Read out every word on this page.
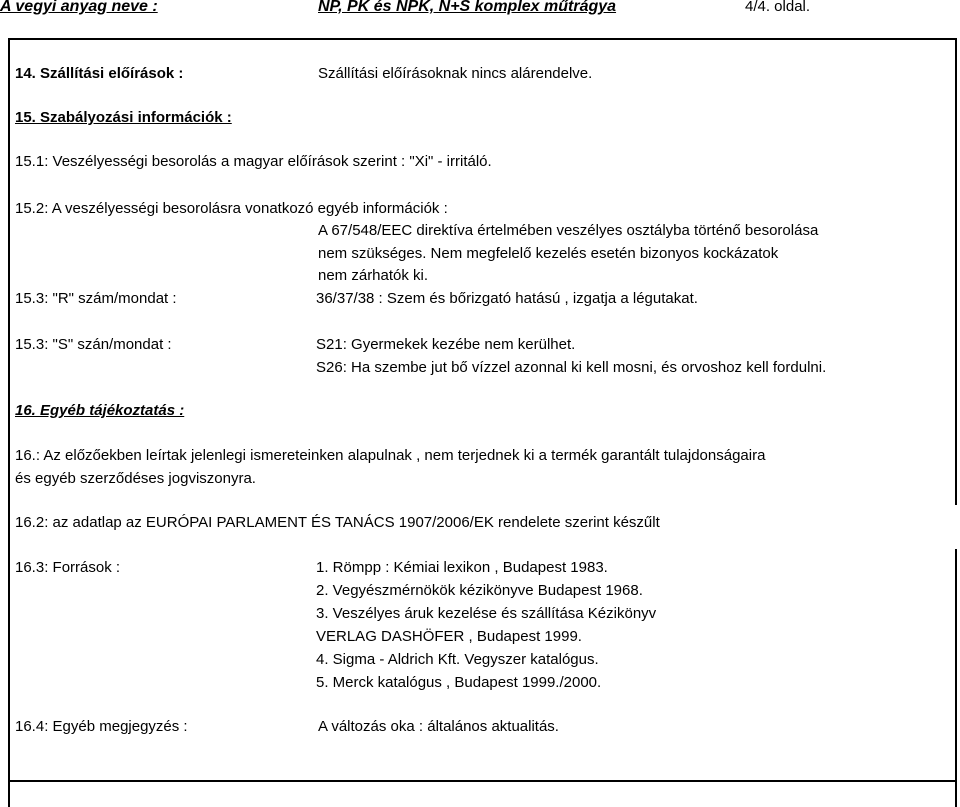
A vegyi anyag neve :	NP, PK és NPK, N+S komplex műtrágya	4/4. oldal.
14. Szállítási előírások :	Szállítási előírásoknak nincs alárendelve.
15. Szabályozási információk :
15.1: Veszélyességi besorolás a magyar előírások szerint : "Xi" - irritáló.
15.2: A veszélyességi besorolásra vonatkozó egyéb információk :
A 67/548/EEC direktíva értelmében veszélyes osztályba történő besorolása
nem szükséges. Nem megfelelő kezelés esetén bizonyos kockázatok
nem zárhatók ki.
15.3: "R" szám/mondat :	36/37/38 : Szem és bőrizgató hatású , izgatja a légutakat.
15.3: "S" szán/mondat :	S21: Gyermekek kezébe nem kerülhet.
S26: Ha szembe jut bő vízzel azonnal ki kell mosni, és orvoshoz kell fordulni.
16. Egyéb tájékoztatás :
16.: Az előzőekben leírtak jelenlegi ismereteinken alapulnak , nem terjednek ki a termék garantált tulajdonságaira
és egyéb szerződéses jogviszonyra.
16.2: az adatlap az EURÓPAI PARLAMENT ÉS TANÁCS 1907/2006/EK rendelete szerint készűlt
16.3: Források :	1. Römpp : Kémiai lexikon , Budapest 1983.
2. Vegyészmérnökök kézikönyve Budapest 1968.
3. Veszélyes áruk kezelése és szállítása Kézikönyv
VERLAG DASHÖFER , Budapest 1999.
4. Sigma - Aldrich Kft. Vegyszer katalógus.
5. Merck katalógus , Budapest 1999./2000.
16.4: Egyéb megjegyzés :	A változás oka : általános aktualitás.
